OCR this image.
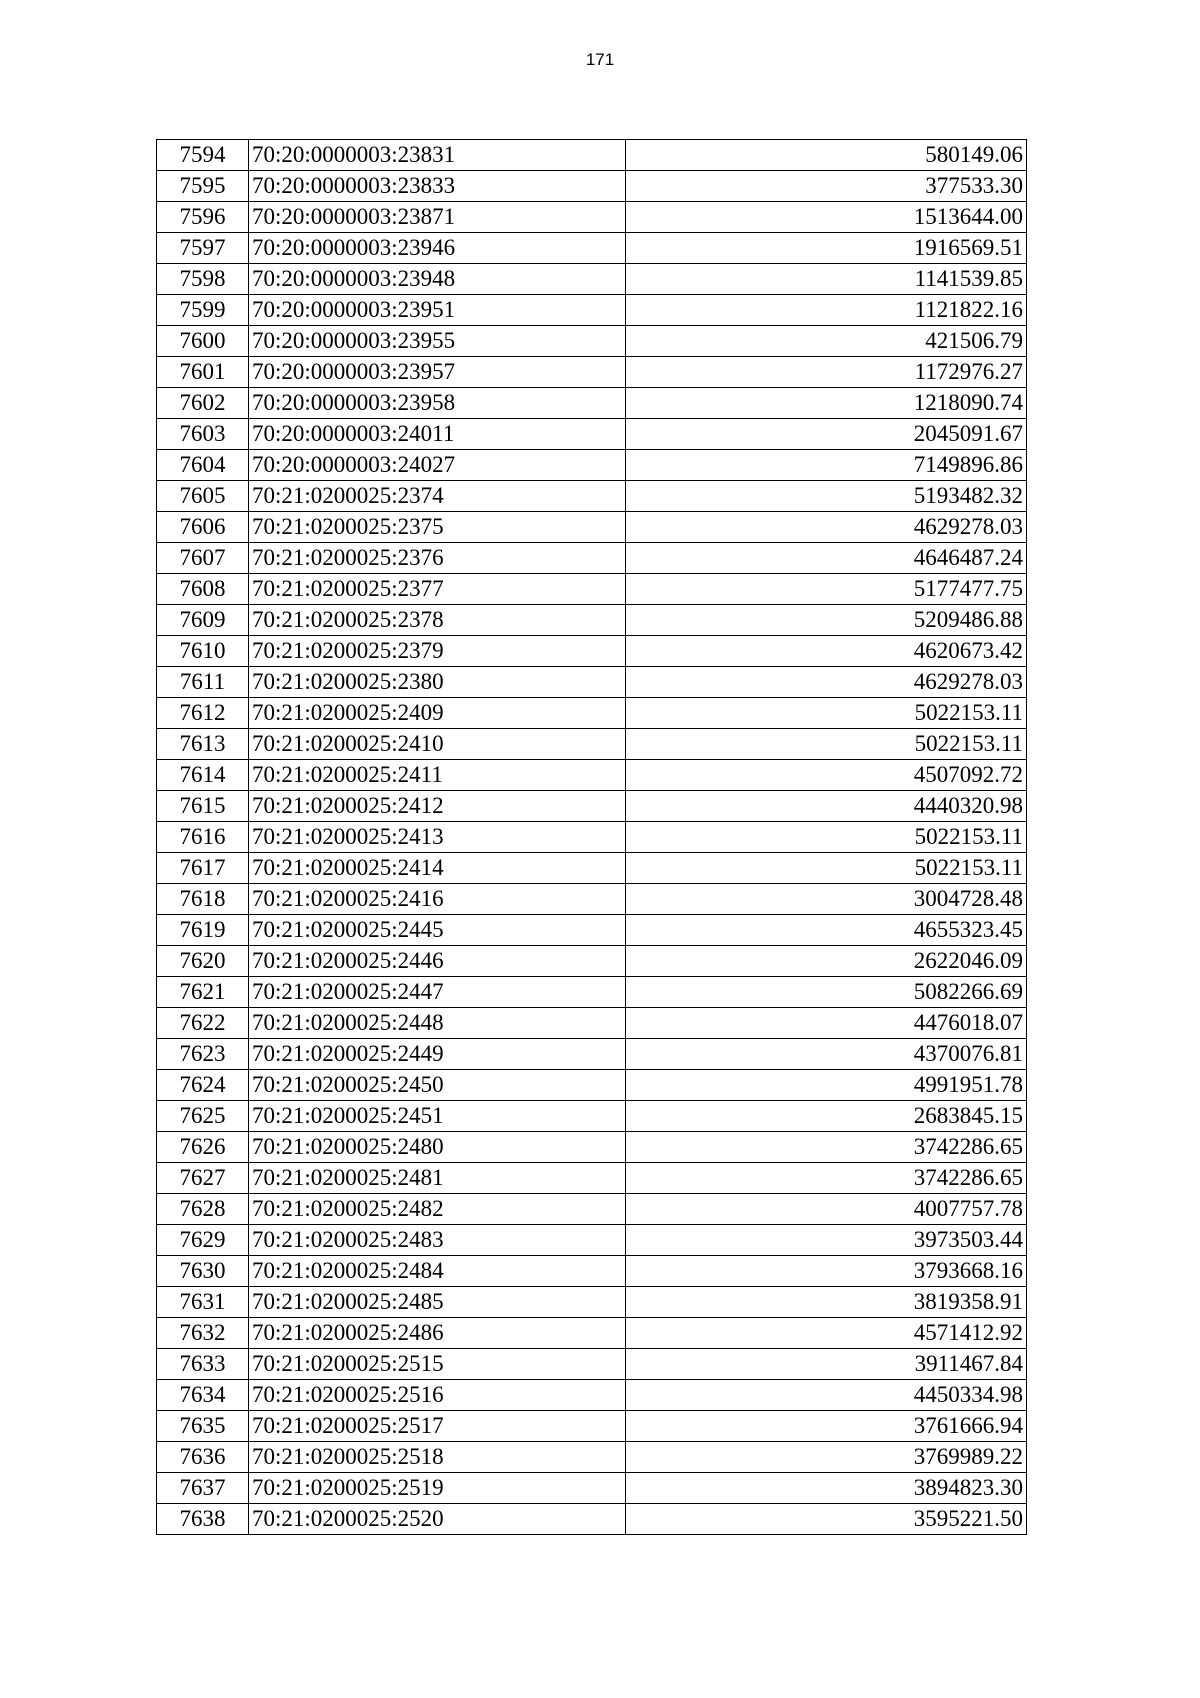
171
7594	70:20:0000003:23831	580149.06
7595	70:20:0000003:23833	377533.30
7596	70:20:0000003:23871	1513644.00
7597	70:20:0000003:23946	1916569.51
7598	70:20:0000003:23948	1141539.85
7599	70:20:0000003:23951	1121822.16
7600	70:20:0000003:23955	421506.79
7601	70:20:0000003:23957	1172976.27
7602	70:20:0000003:23958	1218090.74
7603	70:20:0000003:24011	2045091.67
7604	70:20:0000003:24027	7149896.86
7605	70:21:0200025:2374	5193482.32
7606	70:21:0200025:2375	4629278.03
7607	70:21:0200025:2376	4646487.24
7608	70:21:0200025:2377	5177477.75
7609	70:21:0200025:2378	5209486.88
7610	70:21:0200025:2379	4620673.42
7611	70:21:0200025:2380	4629278.03
7612	70:21:0200025:2409	5022153.11
7613	70:21:0200025:2410	5022153.11
7614	70:21:0200025:2411	4507092.72
7615	70:21:0200025:2412	4440320.98
7616	70:21:0200025:2413	5022153.11
7617	70:21:0200025:2414	5022153.11
7618	70:21:0200025:2416	3004728.48
7619	70:21:0200025:2445	4655323.45
7620	70:21:0200025:2446	2622046.09
7621	70:21:0200025:2447	5082266.69
7622	70:21:0200025:2448	4476018.07
7623	70:21:0200025:2449	4370076.81
7624	70:21:0200025:2450	4991951.78
7625	70:21:0200025:2451	2683845.15
7626	70:21:0200025:2480	3742286.65
7627	70:21:0200025:2481	3742286.65
7628	70:21:0200025:2482	4007757.78
7629	70:21:0200025:2483	3973503.44
7630	70:21:0200025:2484	3793668.16
7631	70:21:0200025:2485	3819358.91
7632	70:21:0200025:2486	4571412.92
7633	70:21:0200025:2515	3911467.84
7634	70:21:0200025:2516	4450334.98
7635	70:21:0200025:2517	3761666.94
7636	70:21:0200025:2518	3769989.22
7637	70:21:0200025:2519	3894823.30
7638	70:21:0200025:2520	3595221.50
